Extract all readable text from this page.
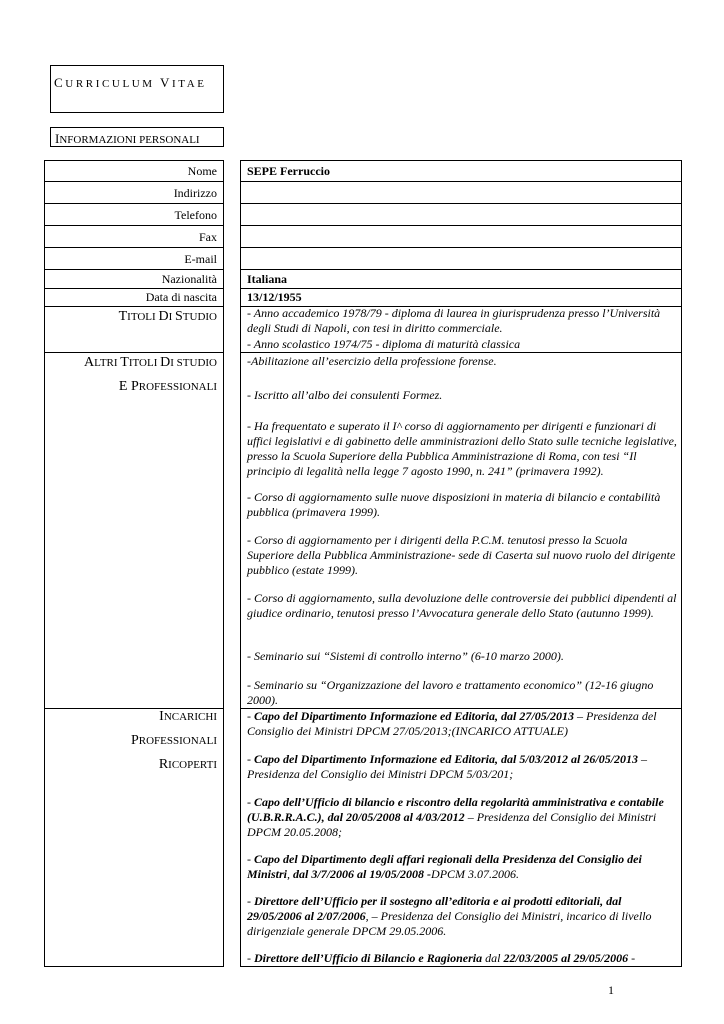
CURRICULUM VITAE
INFORMAZIONI PERSONALI
Nome
Indirizzo
Telefono
Fax
E-mail
Nazionalità
Data di nascita
SEPE Ferruccio
Italiana
13/12/1955
TITOLI DI STUDIO
ALTRI TITOLI DI STUDIO
E PROFESSIONALI
INCARICHI
PROFESSIONALI
RICOPERTI
- Anno accademico 1978/79 - diploma di laurea in giurisprudenza presso l’Università degli Studi di Napoli, con tesi in diritto commerciale.
- Anno scolastico 1974/75 - diploma di maturità classica
-Abilitazione all’esercizio della professione forense.
- Iscritto all’albo dei consulenti Formez.
- Ha frequentato e superato il I^ corso di aggiornamento per dirigenti e funzionari di uffici legislativi e di gabinetto delle amministrazioni dello Stato sulle tecniche legislative, presso la Scuola Superiore della Pubblica Amministrazione di Roma, con tesi “Il principio di legalità nella legge 7 agosto 1990, n. 241” (primavera 1992).
- Corso di aggiornamento sulle nuove disposizioni in materia di bilancio e contabilità pubblica (primavera 1999).
- Corso di aggiornamento per i dirigenti della P.C.M. tenutosi presso la Scuola Superiore della Pubblica Amministrazione- sede di Caserta sul nuovo ruolo del dirigente pubblico (estate 1999).
- Corso di aggiornamento, sulla devoluzione delle controversie dei pubblici dipendenti al giudice ordinario, tenutosi presso l’Avvocatura generale dello Stato (autunno 1999).
- Seminario sui “Sistemi di controllo interno” (6-10 marzo 2000).
- Seminario su “Organizzazione del lavoro e trattamento economico” (12-16 giugno 2000).
- Capo del Dipartimento Informazione ed Editoria, dal 27/05/2013 – Presidenza del Consiglio dei Ministri DPCM 27/05/2013;(INCARICO ATTUALE)
- Capo del Dipartimento Informazione ed Editoria, dal 5/03/2012 al 26/05/2013 – Presidenza del Consiglio dei Ministri DPCM 5/03/201;
- Capo dell’Ufficio di bilancio e riscontro della regolarità amministrativa e contabile (U.B.R.R.A.C.), dal 20/05/2008 al 4/03/2012 – Presidenza del Consiglio dei Ministri DPCM 20.05.2008;
- Capo del Dipartimento degli affari regionali della Presidenza del Consiglio dei Ministri, dal 3/7/2006 al 19/05/2008 -DPCM 3.07.2006.
- Direttore dell’Ufficio per il sostegno all’editoria e ai prodotti editoriali, dal 29/05/2006 al 2/07/2006, – Presidenza del Consiglio dei Ministri, incarico di livello dirigenziale generale DPCM 29.05.2006.
- Direttore dell’Ufficio di Bilancio e Ragioneria dal 22/03/2005 al 29/05/2006 -
1
